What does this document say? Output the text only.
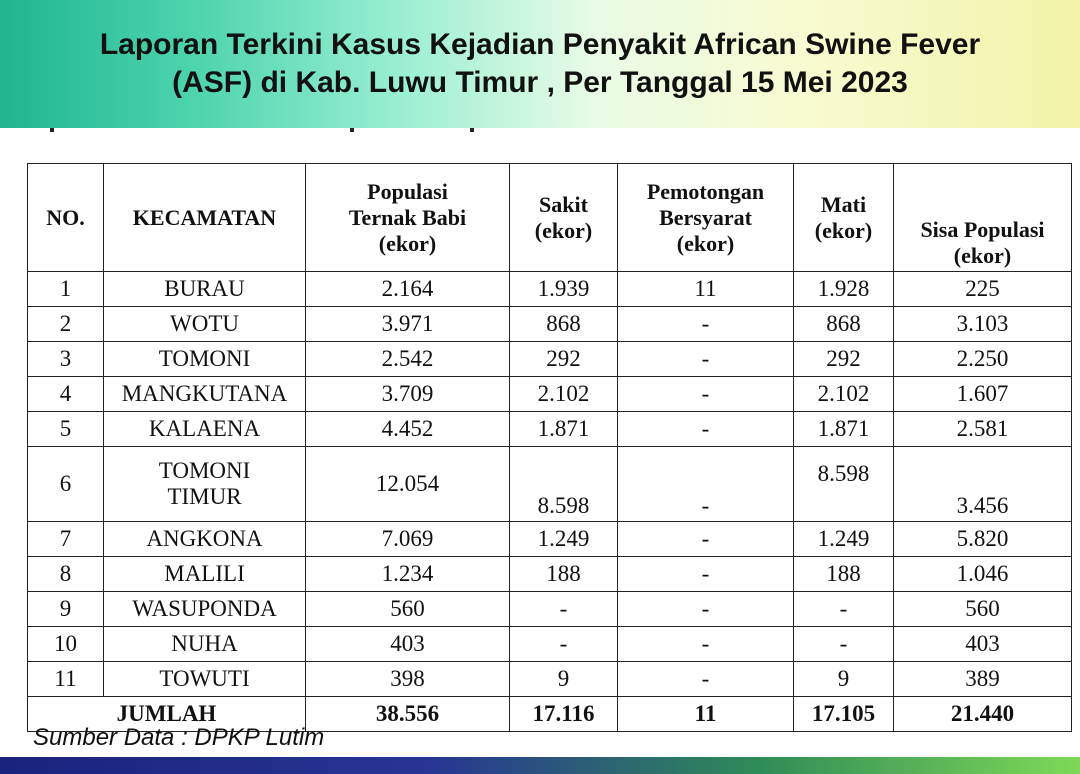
Laporan Terkini Kasus Kejadian Penyakit African Swine Fever
(ASF) di Kab. Luwu Timur , Per Tanggal 15 Mei 2023
NO.	KECAMATAN	Populasi Ternak Babi (ekor)	Sakit (ekor)	Pemotongan Bersyarat (ekor)	Mati (ekor)	Sisa Populasi (ekor)
1	BURAU	2.164	1.939	11	1.928	225
2	WOTU	3.971	868	-	868	3.103
3	TOMONI	2.542	292	-	292	2.250
4	MANGKUTANA	3.709	2.102	-	2.102	1.607
5	KALAENA	4.452	1.871	-	1.871	2.581
6	TOMONI TIMUR	12.054	8.598	-	8.598	3.456
7	ANGKONA	7.069	1.249	-	1.249	5.820
8	MALILI	1.234	188	-	188	1.046
9	WASUPONDA	560	-	-	-	560
10	NUHA	403	-	-	-	403
11	TOWUTI	398	9	-	9	389
JUMLAH		38.556	17.116	11	17.105	21.440
Sumber Data : DPKP Lutim
